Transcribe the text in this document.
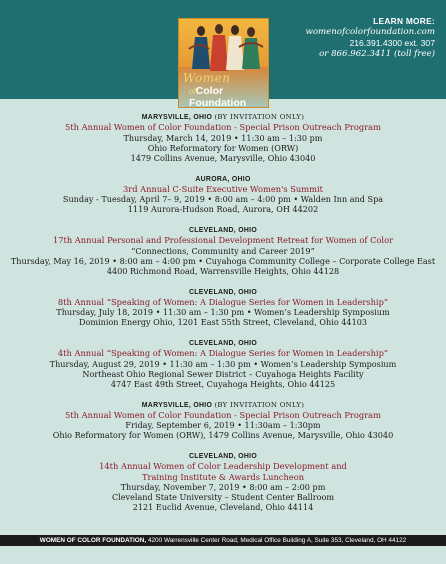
LEARN MORE:
womenofcolorfoundation.com
216.391.4300 ext. 307
or 866.962.3411 (toll free)
Women
ofColor Foundation
MARYSVILLE, OHIO (BY INVITATION ONLY)
5th Annual Women of Color Foundation - Special Prison Outreach Program
Thursday, March 14, 2019 • 11:30 am – 1:30 pm
Ohio Reformatory for Women (ORW)
1479 Collins Avenue, Marysville, Ohio 43040
AURORA, OHIO
3rd Annual C-Suite Executive Women's Summit
Sunday - Tuesday, April 7– 9, 2019 • 8:00 am – 4:00 pm • Walden Inn and Spa
1119 Aurora-Hudson Road, Aurora, OH 44202
CLEVELAND, OHIO
17th Annual Personal and Professional Development Retreat for Women of Color
“Connections, Community and Career 2019”
Thursday, May 16, 2019 • 8:00 am – 4:00 pm • Cuyahoga Community College – Corporate College East
4400 Richmond Road, Warrensville Heights, Ohio 44128
CLEVELAND, OHIO
8th Annual “Speaking of Women: A Dialogue Series for Women in Leadership”
Thursday, July 18, 2019 • 11:30 am – 1:30 pm • Women’s Leadership Symposium
Dominion Energy Ohio, 1201 East 55th Street, Cleveland, Ohio 44103
CLEVELAND, OHIO
4th Annual “Speaking of Women: A Dialogue Series for Women in Leadership”
Thursday, August 29, 2019 • 11:30 am – 1:30 pm • Women’s Leadership Symposium
Northeast Ohio Regional Sewer District – Cuyahoga Heights Facility
4747 East 49th Street, Cuyahoga Heights, Ohio 44125
MARYSVILLE, OHIO (BY INVITATION ONLY)
5th Annual Women of Color Foundation - Special Prison Outreach Program
Friday, September 6, 2019 • 11:30am – 1:30pm
Ohio Reformatory for Women (ORW), 1479 Collins Avenue, Marysville, Ohio 43040
CLEVELAND, OHIO
14th Annual Women of Color Leadership Development and
Training Institute & Awards Luncheon
Thursday, November 7, 2019 • 8:00 am – 2:00 pm
Cleveland State University – Student Center Ballroom
2121 Euclid Avenue, Cleveland, Ohio 44114
WOMEN OF COLOR FOUNDATION, 4200 Warrensville Center Road, Medical Office Building A, Suite 353, Cleveland, OH 44122
